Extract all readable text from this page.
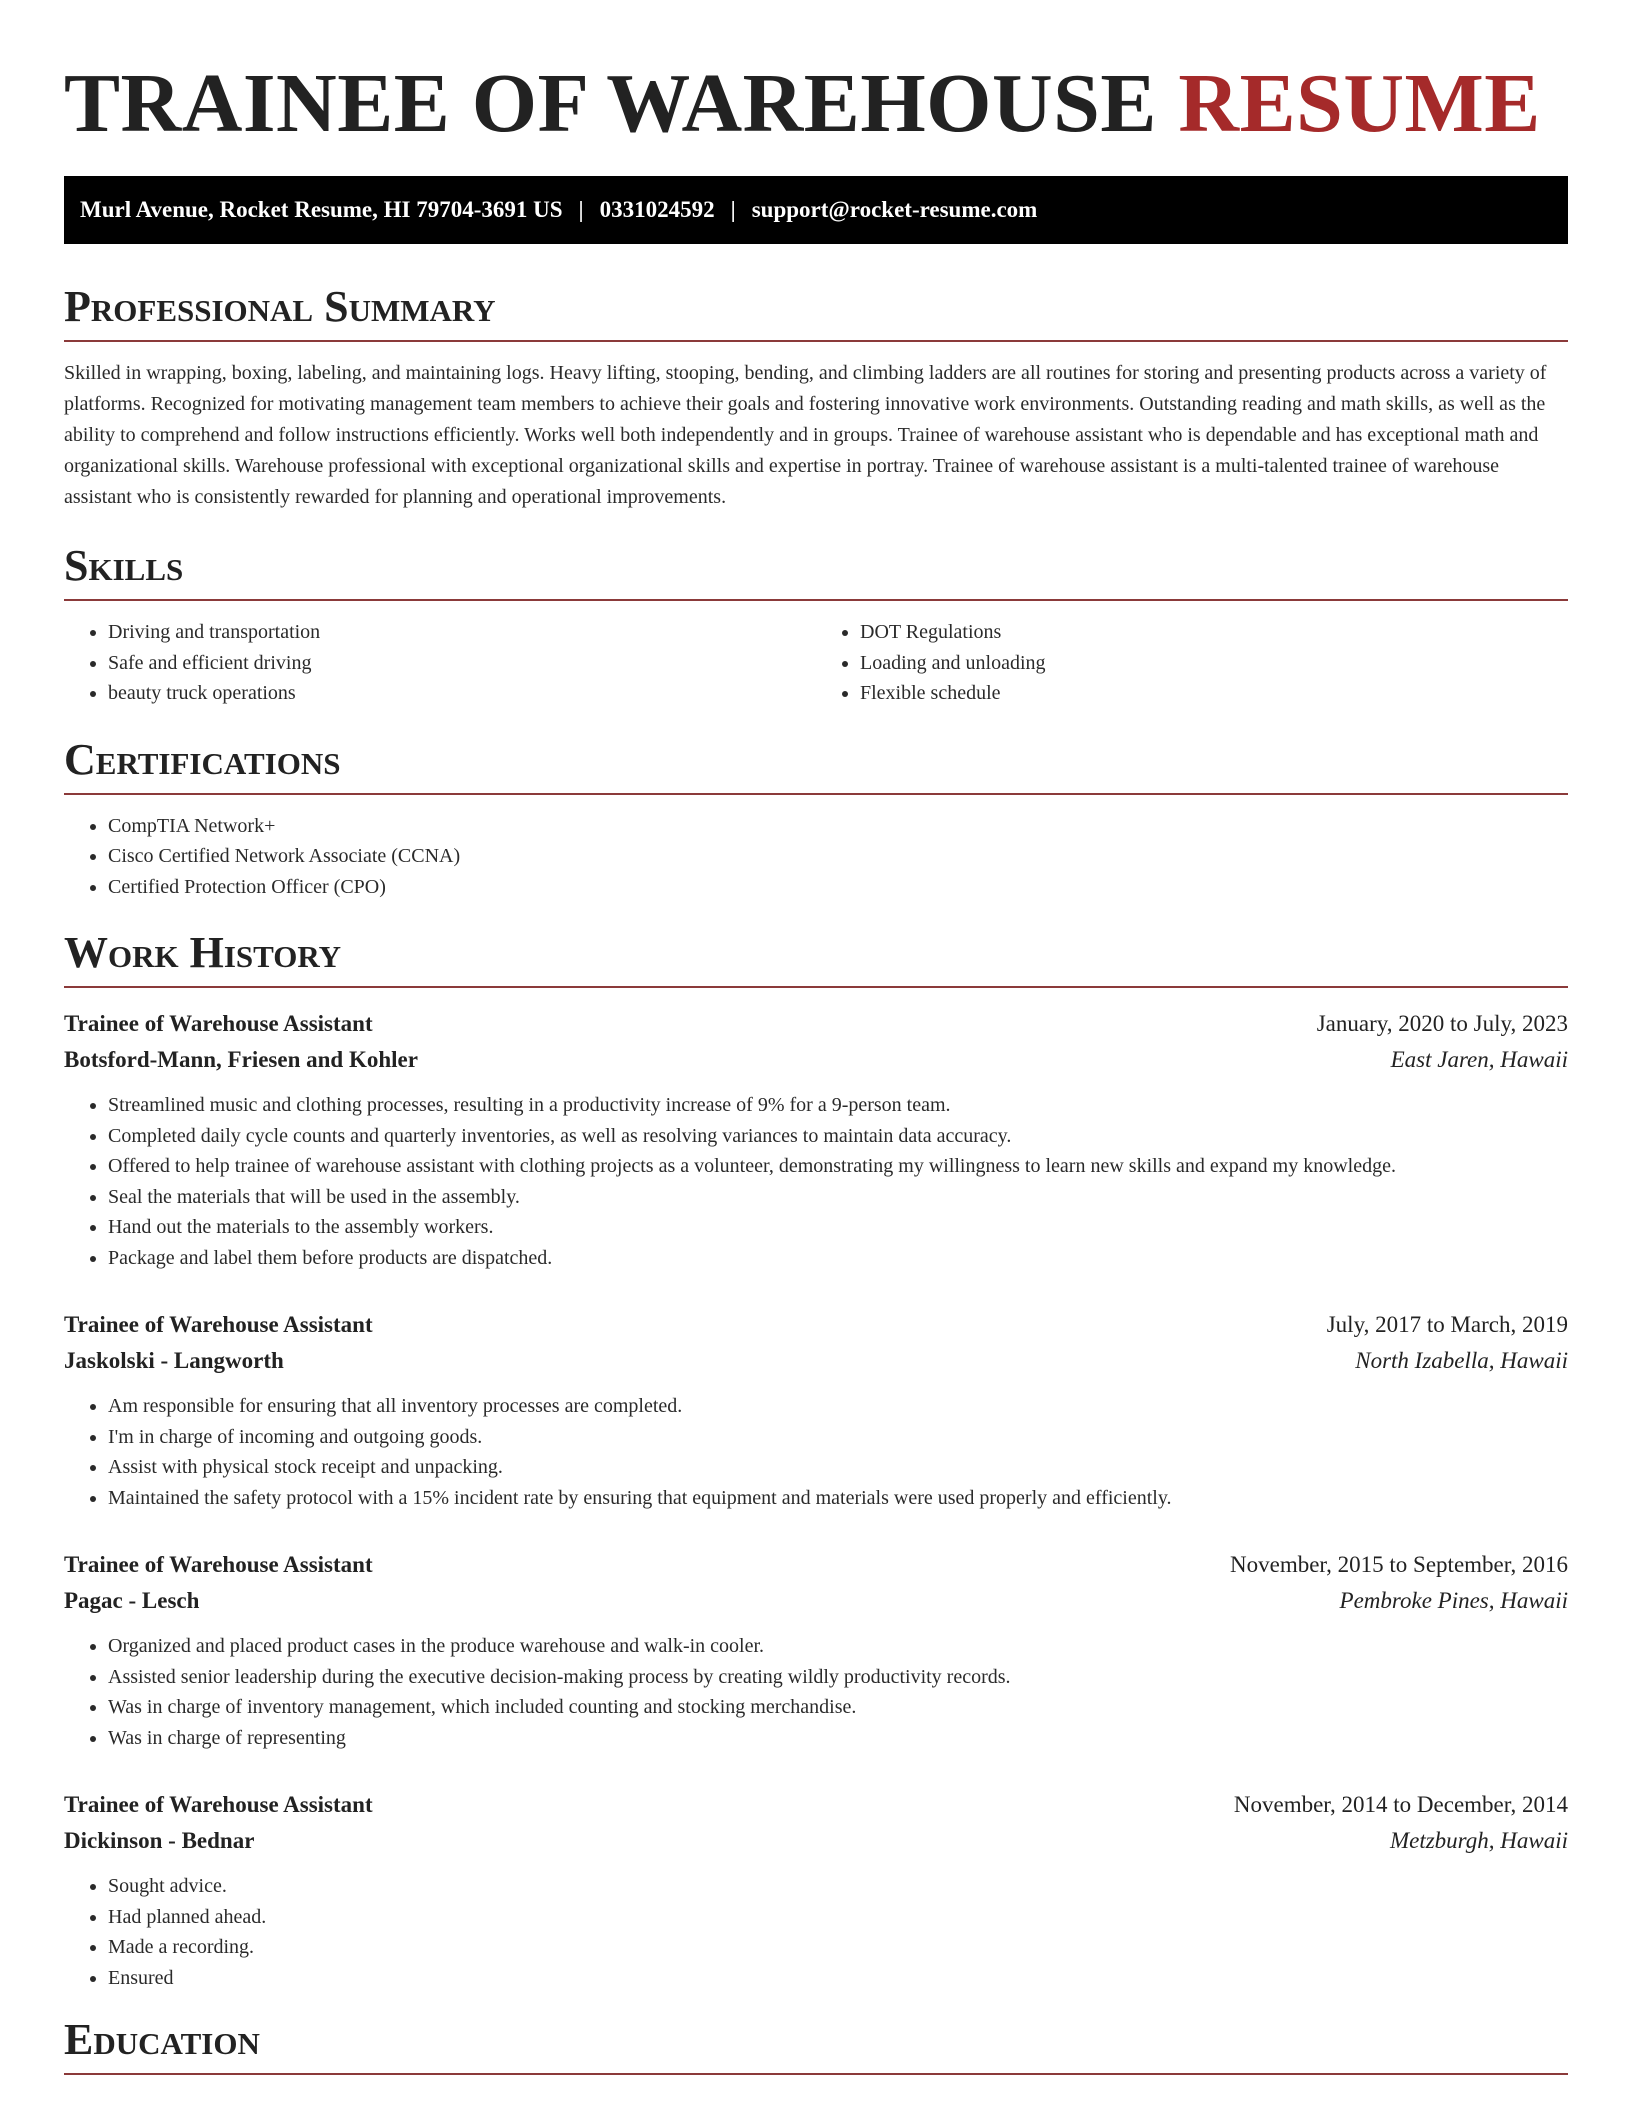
TRAINEE OF WAREHOUSE RESUME
Murl Avenue, Rocket Resume, HI 79704-3691 US | 0331024592 | support@rocket-resume.com
Professional Summary

Skilled in wrapping, boxing, labeling, and maintaining logs. Heavy lifting, stooping, bending, and climbing ladders are all routines for storing and presenting products across a variety of platforms. Recognized for motivating management team members to achieve their goals and fostering innovative work environments. Outstanding reading and math skills, as well as the ability to comprehend and follow instructions efficiently. Works well both independently and in groups. Trainee of warehouse assistant who is dependable and has exceptional math and organizational skills. Warehouse professional with exceptional organizational skills and expertise in portray. Trainee of warehouse assistant is a multi-talented trainee of warehouse assistant who is consistently rewarded for planning and operational improvements.

Skills
• Driving and transportation
• Safe and efficient driving
• beauty truck operations
• DOT Regulations
• Loading and unloading
• Flexible schedule
Certifications
• CompTIA Network+
• Cisco Certified Network Associate (CCNA)
• Certified Protection Officer (CPO)
Work History
Trainee of Warehouse Assistant	January, 2020 to July, 2023
Botsford-Mann, Friesen and Kohler	East Jaren, Hawaii
• Streamlined music and clothing processes, resulting in a productivity increase of 9% for a 9-person team.
• Completed daily cycle counts and quarterly inventories, as well as resolving variances to maintain data accuracy.
• Offered to help trainee of warehouse assistant with clothing projects as a volunteer, demonstrating my willingness to learn new skills and expand my knowledge.
• Seal the materials that will be used in the assembly.
• Hand out the materials to the assembly workers.
• Package and label them before products are dispatched.
Trainee of Warehouse Assistant	July, 2017 to March, 2019
Jaskolski - Langworth	North Izabella, Hawaii
• Am responsible for ensuring that all inventory processes are completed.
• I'm in charge of incoming and outgoing goods.
• Assist with physical stock receipt and unpacking.
• Maintained the safety protocol with a 15% incident rate by ensuring that equipment and materials were used properly and efficiently.
Trainee of Warehouse Assistant	November, 2015 to September, 2016
Pagac - Lesch	Pembroke Pines, Hawaii
• Organized and placed product cases in the produce warehouse and walk-in cooler.
• Assisted senior leadership during the executive decision-making process by creating wildly productivity records.
• Was in charge of inventory management, which included counting and stocking merchandise.
• Was in charge of representing
Trainee of Warehouse Assistant	November, 2014 to December, 2014
Dickinson - Bednar	Metzburgh, Hawaii
• Sought advice.
• Had planned ahead.
• Made a recording.
• Ensured
Education
